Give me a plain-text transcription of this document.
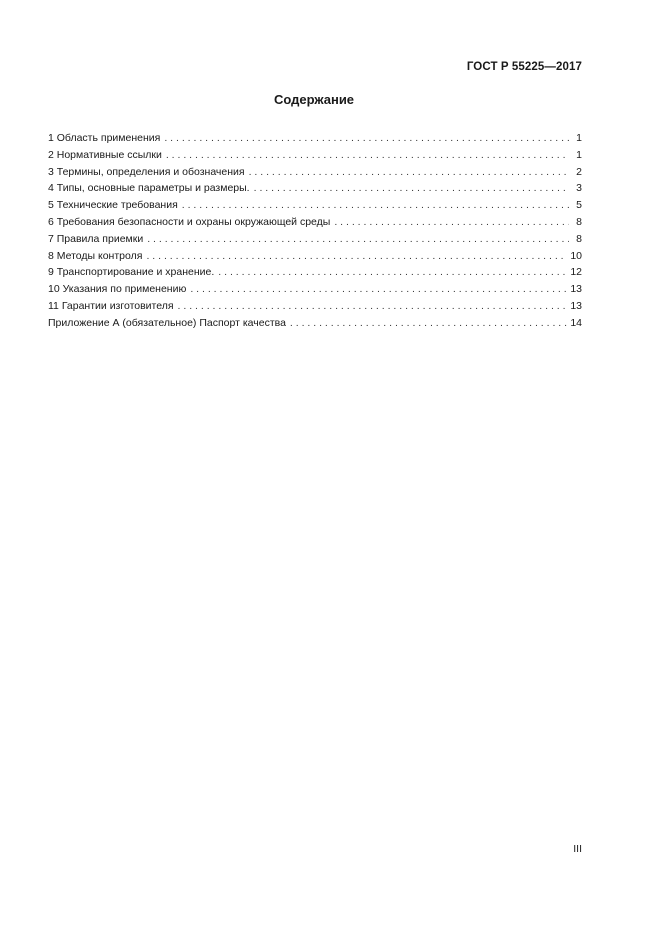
ГОСТ Р 55225—2017
Содержание
1 Область применения . . .	1
2 Нормативные ссылки . . .	1
3 Термины, определения и обозначения . . .	2
4 Типы, основные параметры и размеры. . . .	3
5 Технические требования . . .	5
6 Требования безопасности и охраны окружающей среды . . .	8
7 Правила приемки . . .	8
8 Методы контроля . . .	10
9 Транспортирование и хранение. . . .	12
10 Указания по применению . . .	13
11 Гарантии изготовителя . . .	13
Приложение А (обязательное) Паспорт качества . . .	14
III
